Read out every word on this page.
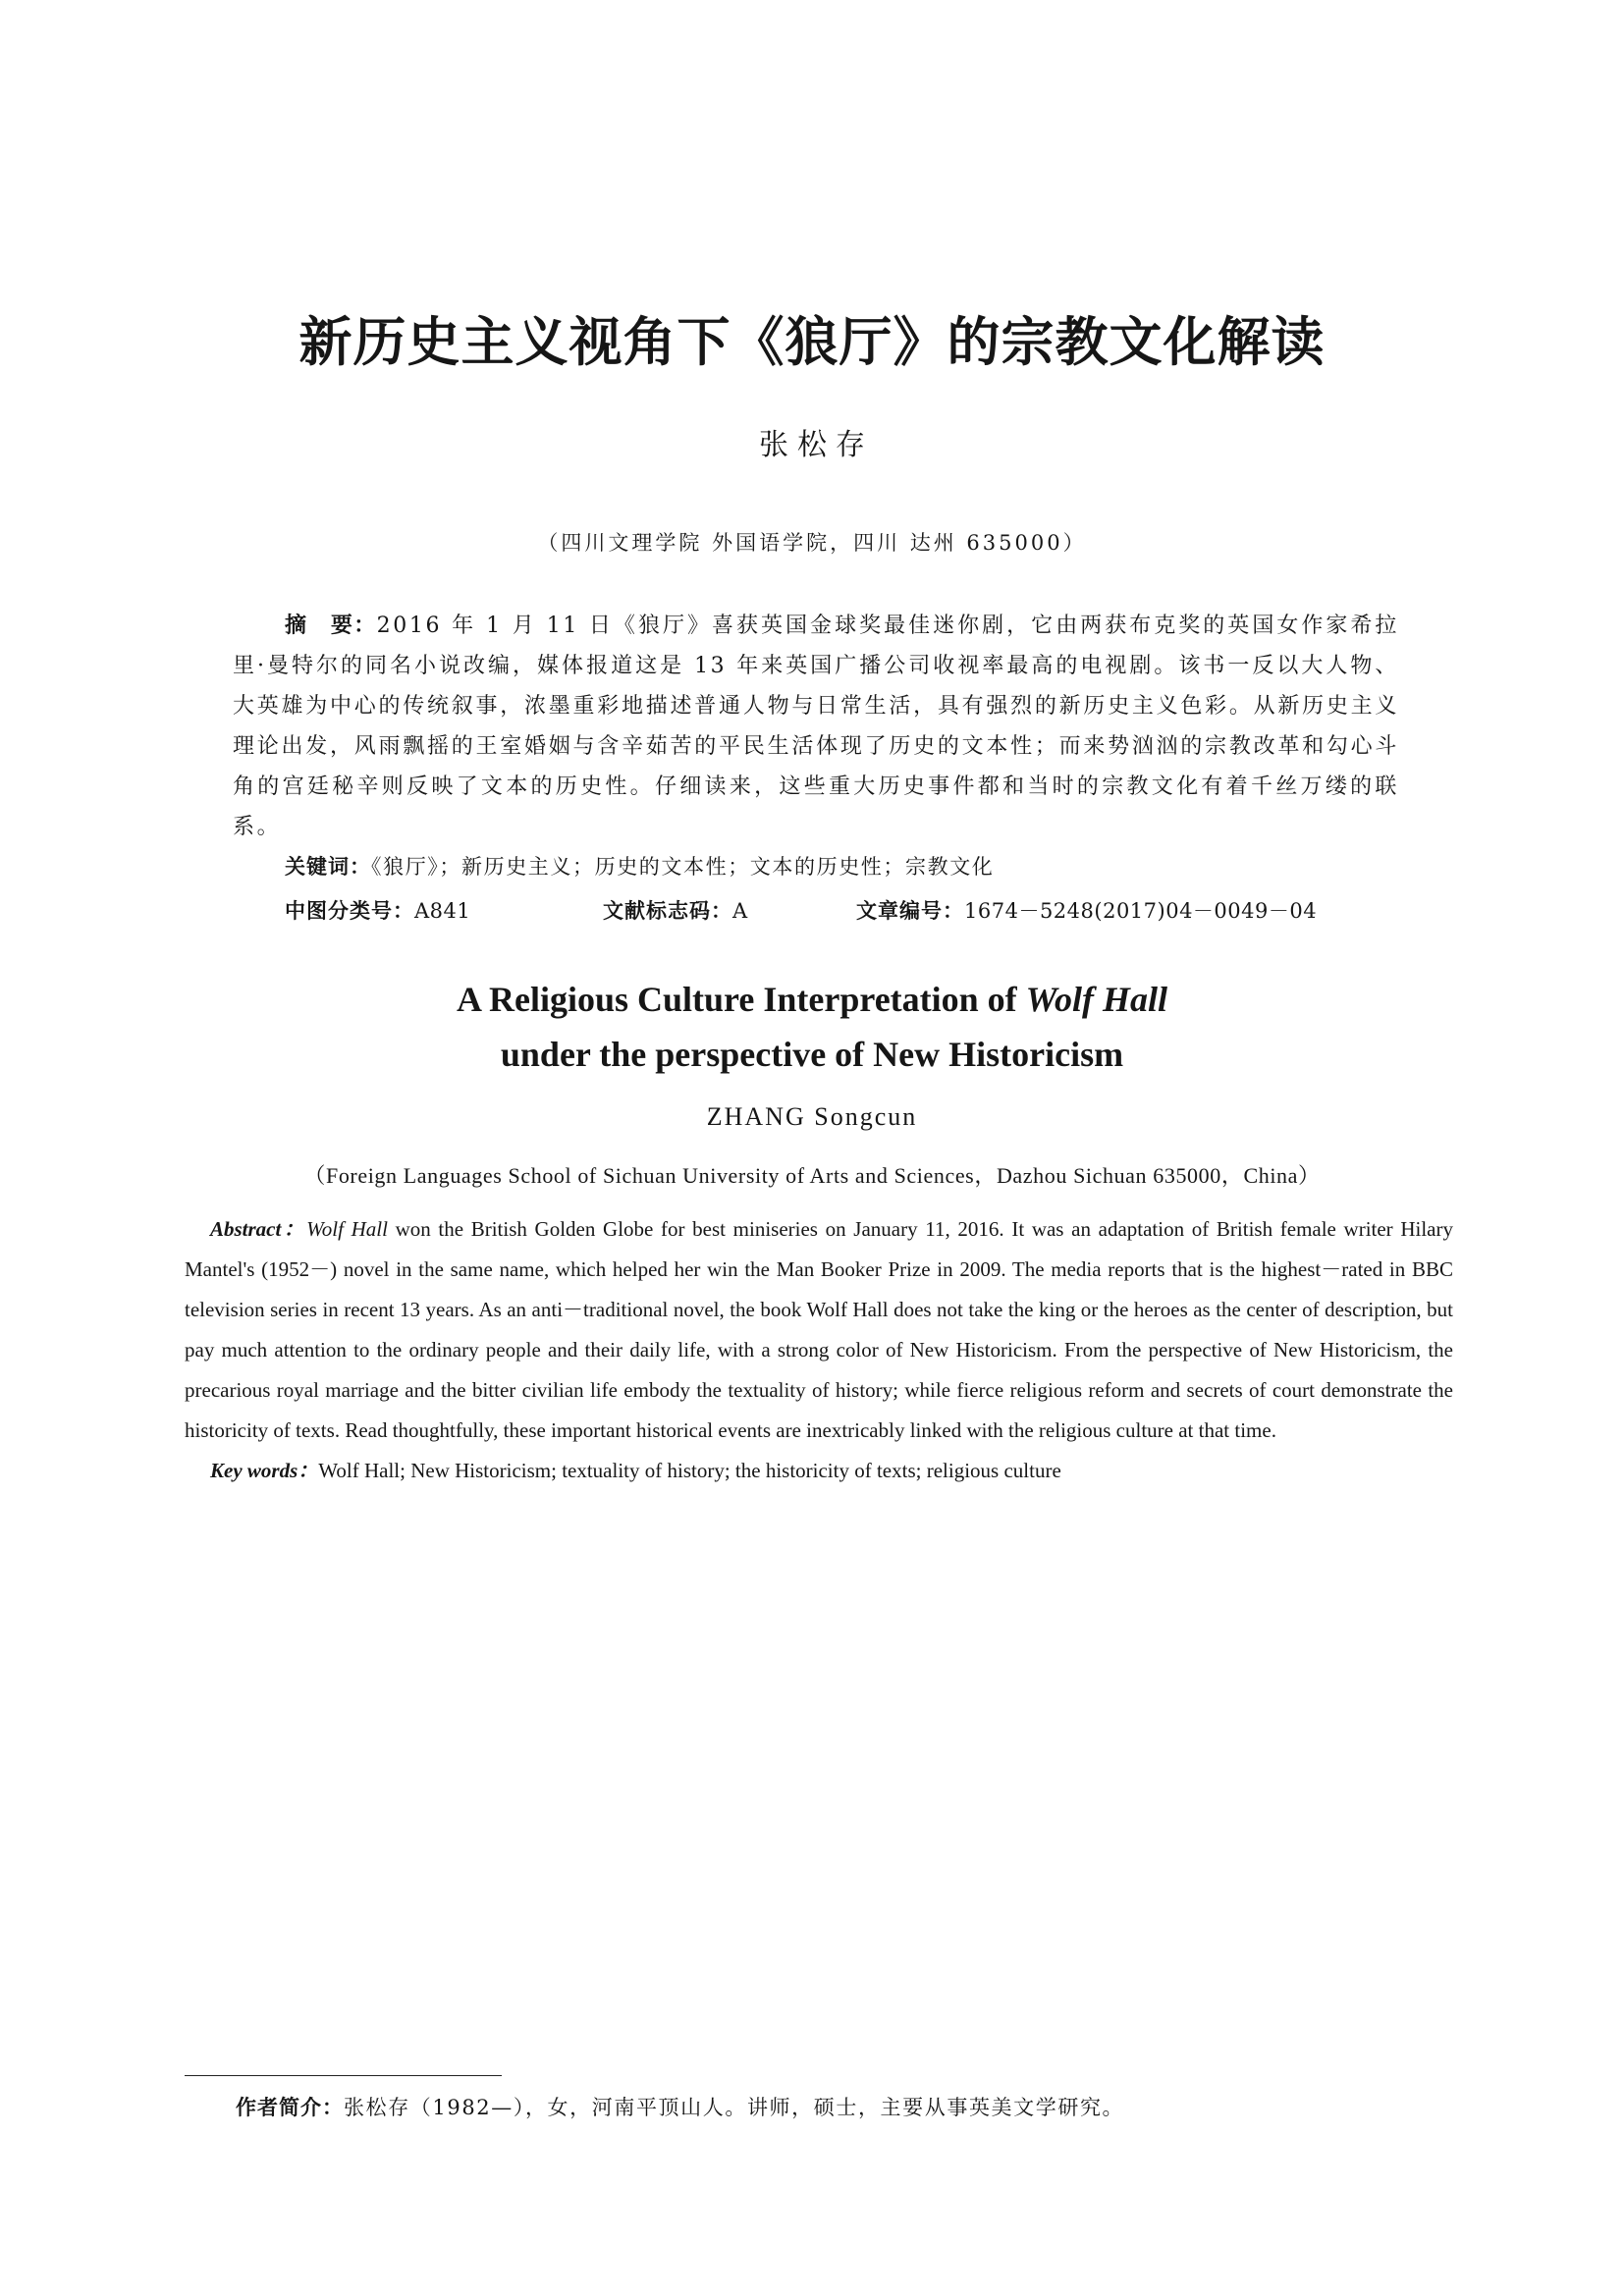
新历史主义视角下《狼厅》的宗教文化解读
张松存
（四川文理学院 外国语学院，四川 达州 635000）

摘　要：2016 年 1 月 11 日《狼厅》喜获英国金球奖最佳迷你剧，它由两获布克奖的英国女作家希拉里·曼特尔的同名小说改编，媒体报道这是 13 年来英国广播公司收视率最高的电视剧。该书一反以大人物、大英雄为中心的传统叙事，浓墨重彩地描述普通人物与日常生活，具有强烈的新历史主义色彩。从新历史主义理论出发，风雨飘摇的王室婚姻与含辛茹苦的平民生活体现了历史的文本性；而来势汹汹的宗教改革和勾心斗角的宫廷秘辛则反映了文本的历史性。仔细读来，这些重大历史事件都和当时的宗教文化有着千丝万缕的联系。

关键词：《狼厅》；新历史主义；历史的文本性；文本的历史性；宗教文化

中图分类号：A841	文献标志码：A	文章编号：1674－5248(2017)04－0049－04
A Religious Culture Interpretation of Wolf Hall
under the perspective of New Historicism
ZHANG Songcun
（Foreign Languages School of Sichuan University of Arts and Sciences，Dazhou Sichuan 635000，China）

Abstract：Wolf Hall won the British Golden Globe for best miniseries on January 11, 2016. It was an adaptation of British female writer Hilary Mantel's (1952－) novel in the same name, which helped her win the Man Booker Prize in 2009. The media reports that is the highest－rated in BBC television series in recent 13 years. As an anti－traditional novel, the book Wolf Hall does not take the king or the heroes as the center of description, but pay much attention to the ordinary people and their daily life, with a strong color of New Historicism. From the perspective of New Historicism, the precarious royal marriage and the bitter civilian life embody the textuality of history; while fierce religious reform and secrets of court demonstrate the historicity of texts. Read thoughtfully, these important historical events are inextricably linked with the religious culture at that time.

Key words：Wolf Hall; New Historicism; textuality of history; the historicity of texts; religious culture

作者简介：张松存（1982—），女，河南平顶山人。讲师，硕士，主要从事英美文学研究。
